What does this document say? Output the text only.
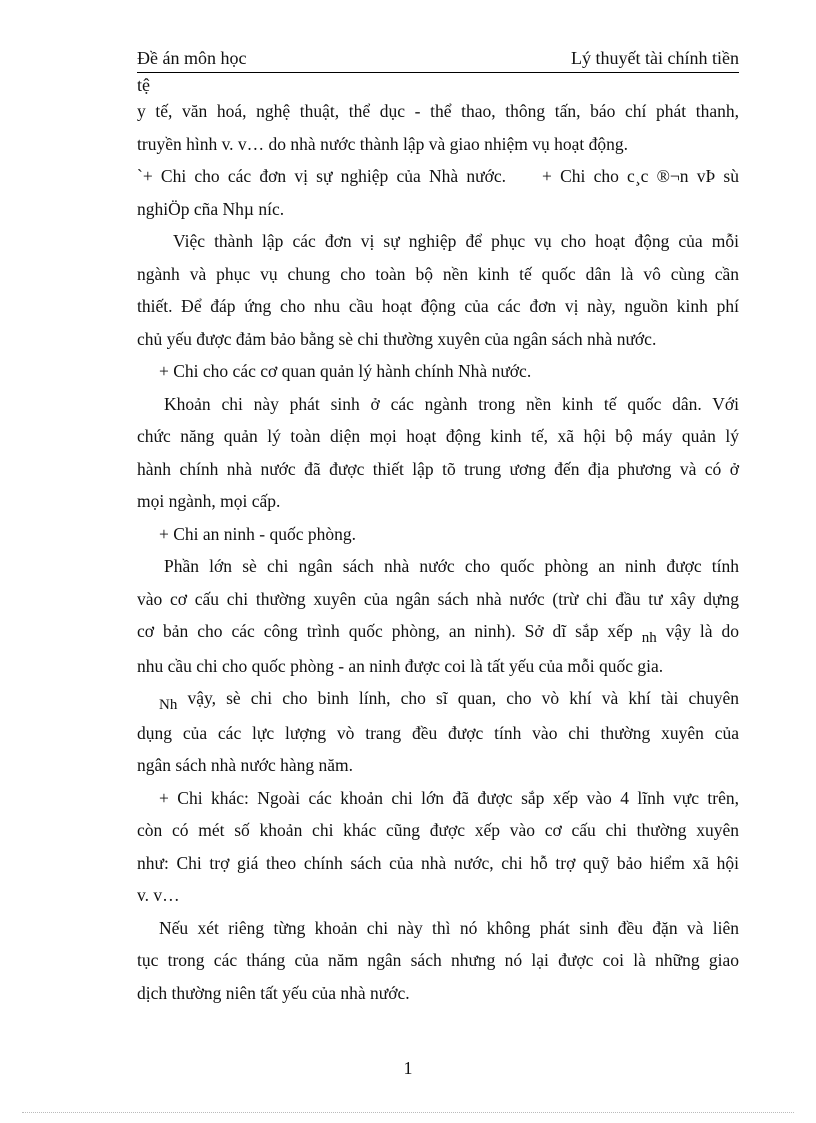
Đề án môn học	Lý thuyết tài chính tiền
tệ
y tế, văn hoá, nghệ thuật, thể dục - thể thao, thông tấn, báo chí phát thanh,
truyền hình v. v… do nhà nước thành lập và giao nhiệm vụ hoạt động.
`+ Chi cho các đơn vị sự nghiệp của Nhà nước. + Chi cho c¸c ®¬n vÞ sù
nghiÖp cña Nhµ níc.
Việc thành lập các đơn vị sự nghiệp để phục vụ cho hoạt động của mỗi
ngành và phục vụ chung cho toàn bộ nền kinh tế quốc dân là vô cùng cần
thiết. Để đáp ứng cho nhu cầu hoạt động của các đơn vị này, nguồn kinh phí
chủ yếu được đảm bảo bằng sè chi thường xuyên của ngân sách nhà nước.
+ Chi cho các cơ quan quản lý hành chính Nhà nước.
Khoản chi này phát sinh ở các ngành trong nền kinh tế quốc dân. Với
chức năng quản lý toàn diện mọi hoạt động kinh tế, xã hội bộ máy quản lý
hành chính nhà nước đã được thiết lập tõ trung ương đến địa phương và có ở
mọi ngành, mọi cấp.
+ Chi an ninh - quốc phòng.
Phần lớn sè chi ngân sách nhà nước cho quốc phòng an ninh được tính
vào cơ cấu chi thường xuyên của ngân sách nhà nước (trừ chi đầu tư xây dựng
cơ bản cho các công trình quốc phòng, an ninh). Sở dĩ sắp xếp nh vậy là do
nhu cầu chi cho quốc phòng - an ninh được coi là tất yếu của mỗi quốc gia.
Nh vậy, sè chi cho binh lính, cho sĩ quan, cho vò khí và khí tài chuyên
dụng của các lực lượng vò trang đều được tính vào chi thường xuyên của
ngân sách nhà nước hàng năm.
+ Chi khác: Ngoài các khoản chi lớn đã được sắp xếp vào 4 lĩnh vực trên,
còn có mét số khoản chi khác cũng được xếp vào cơ cấu chi thường xuyên
như: Chi trợ giá theo chính sách của nhà nước, chi hỗ trợ quỹ bảo hiểm xã hội
v. v…
Nếu xét riêng từng khoản chi này thì nó không phát sinh đều đặn và liên
tục trong các tháng của năm ngân sách nhưng nó lại được coi là những giao
dịch thường niên tất yếu của nhà nước.
1
